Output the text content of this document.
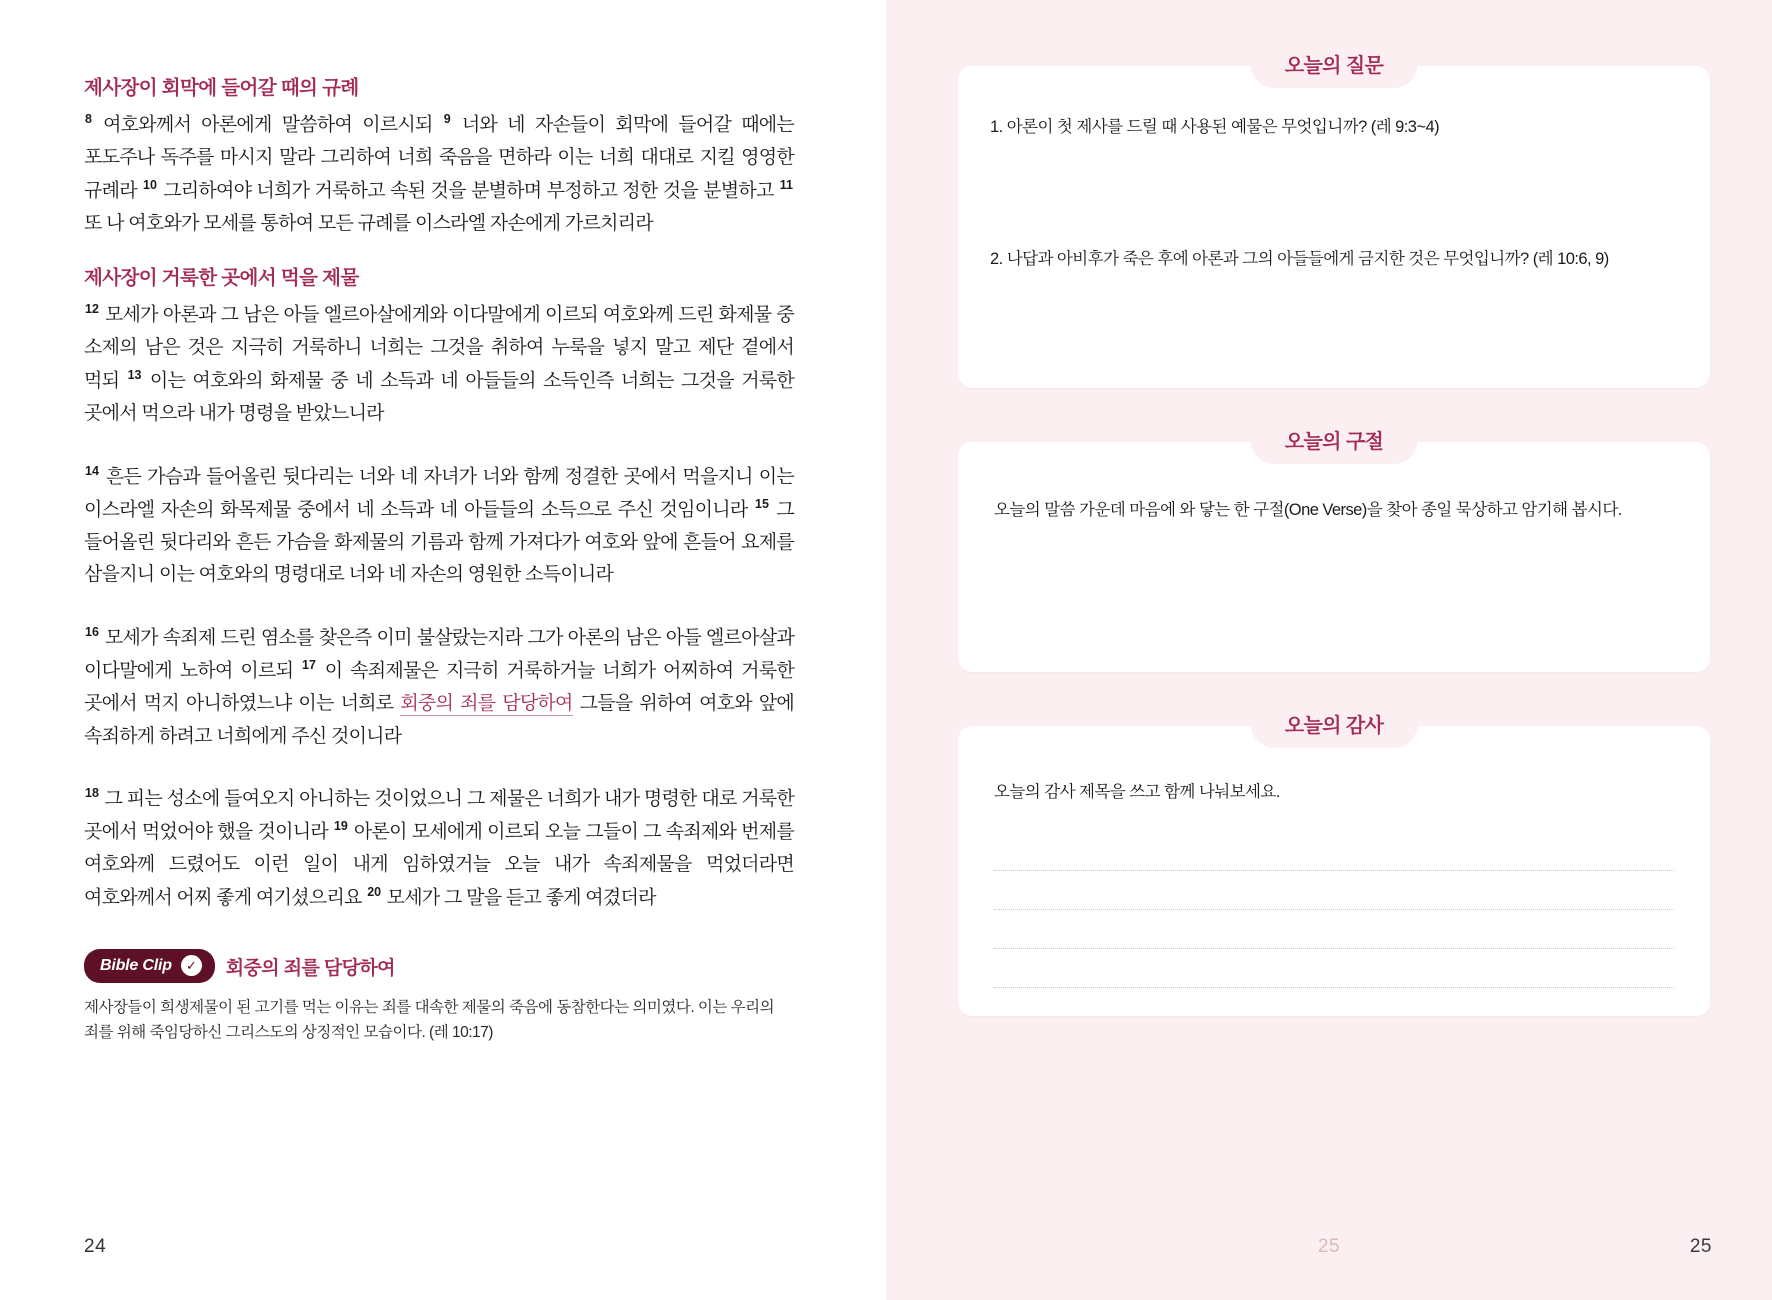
제사장이 회막에 들어갈 때의 규례

$^8$ 여호와께서 아론에게 말씀하여 이르시되 $^9$ 너와 네 자손들이 회막에 들어갈 때에는 포도주나 독주를 마시지 말라 그리하여 너희 죽음을 면하라 이는 너희 대대로 지킬 영영한 규례라 $^{10}$ 그리하여야 너희가 거룩하고 속된 것을 분별하며 부정하고 정한 것을 분별하고 $^{11}$ 또 나 여호와가 모세를 통하여 모든 규례를 이스라엘 자손에게 가르치리라

제사장이 거룩한 곳에서 먹을 제물

$^{12}$ 모세가 아론과 그 남은 아들 엘르아살에게와 이다말에게 이르되 여호와께 드린 화제물 중 소제의 남은 것은 지극히 거룩하니 너희는 그것을 취하여 누룩을 넣지 말고 제단 곁에서 먹되 $^{13}$ 이는 여호와의 화제물 중 네 소득과 네 아들들의 소득인즉 너희는 그것을 거룩한 곳에서 먹으라 내가 명령을 받았느니라

$^{14}$ 흔든 가슴과 들어올린 뒷다리는 너와 네 자녀가 너와 함께 정결한 곳에서 먹을지니 이는 이스라엘 자손의 화목제물 중에서 네 소득과 네 아들들의 소득으로 주신 것임이니라 $^{15}$ 그 들어올린 뒷다리와 흔든 가슴을 화제물의 기름과 함께 가져다가 여호와 앞에 흔들어 요제를 삼을지니 이는 여호와의 명령대로 너와 네 자손의 영원한 소득이니라

$^{16}$ 모세가 속죄제 드린 염소를 찾은즉 이미 불살랐는지라 그가 아론의 남은 아들 엘르아살과 이다말에게 노하여 이르되 $^{17}$ 이 속죄제물은 지극히 거룩하거늘 너희가 어찌하여 거룩한 곳에서 먹지 아니하였느냐 이는 너희로 회중의 죄를 담당하여 그들을 위하여 여호와 앞에 속죄하게 하려고 너희에게 주신 것이니라

$^{18}$ 그 피는 성소에 들여오지 아니하는 것이었으니 그 제물은 너희가 내가 명령한 대로 거룩한 곳에서 먹었어야 했을 것이니라 $^{19}$ 아론이 모세에게 이르되 오늘 그들이 그 속죄제와 번제를 여호와께 드렸어도 이런 일이 내게 임하였거늘 오늘 내가 속죄제물을 먹었더라면 여호와께서 어찌 좋게 여기셨으리요 $^{20}$ 모세가 그 말을 듣고 좋게 여겼더라

Bible Clip	✓ 회중의 죄를 담당하여

제사장들이 희생제물이 된 고기를 먹는 이유는 죄를 대속한 제물의 죽음에 동참한다는 의미였다. 이는 우리의 죄를 위해 죽임당하신 그리스도의 상징적인 모습이다. (레 10:17)

24
오늘의 질문
1. 아론이 첫 제사를 드릴 때 사용된 예물은 무엇입니까? (레 9:3~4)
2. 나답과 아비후가 죽은 후에 아론과 그의 아들들에게 금지한 것은 무엇입니까? (레 10:6, 9)
오늘의 구절
오늘의 말씀 가운데 마음에 와 닿는 한 구절(One Verse)을 찾아 종일 묵상하고 암기해 봅시다.
오늘의 감사
오늘의 감사 제목을 쓰고 함께 나눠보세요.
25	25
